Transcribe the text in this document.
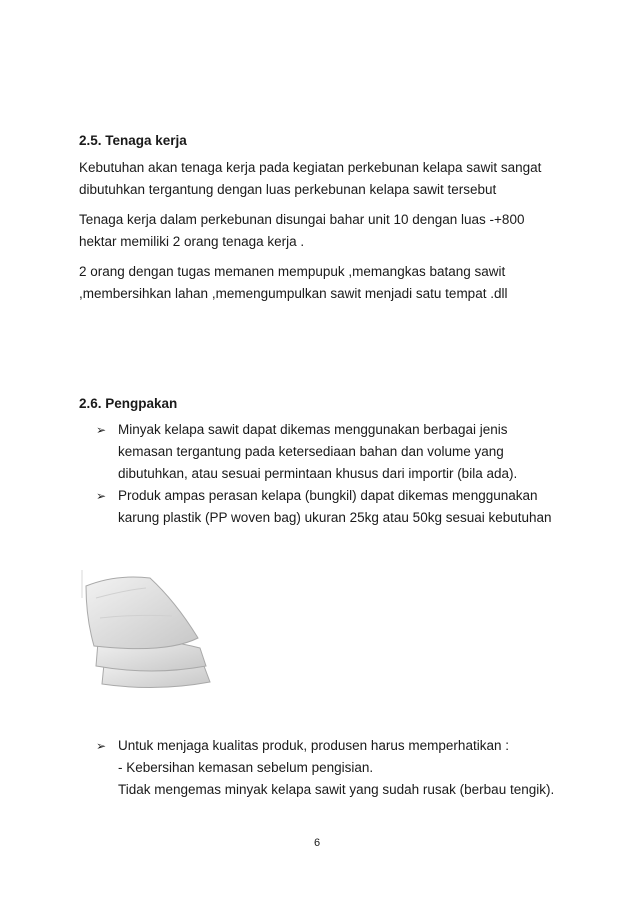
2.5. Tenaga kerja
Kebutuhan akan tenaga kerja pada kegiatan perkebunan kelapa sawit sangat
dibutuhkan tergantung dengan luas perkebunan kelapa sawit tersebut
Tenaga kerja dalam perkebunan disungai bahar unit 10 dengan luas -+800
hektar memiliki 2 orang tenaga kerja .
2 orang dengan tugas memanen mempupuk ,memangkas batang sawit
,membersihkan lahan ,memengumpulkan sawit menjadi satu tempat .dll
2.6. Pengpakan
➢ Minyak kelapa sawit dapat dikemas menggunakan berbagai jenis
kemasan tergantung pada ketersediaan bahan dan volume yang
dibutuhkan, atau sesuai permintaan khusus dari importir (bila ada).
➢ Produk ampas perasan kelapa (bungkil) dapat dikemas menggunakan
karung plastik (PP woven bag) ukuran 25kg atau 50kg sesuai kebutuhan
➢ Untuk menjaga kualitas produk, produsen harus memperhatikan :
- Kebersihan kemasan sebelum pengisian.
Tidak mengemas minyak kelapa sawit yang sudah rusak (berbau tengik).
6
